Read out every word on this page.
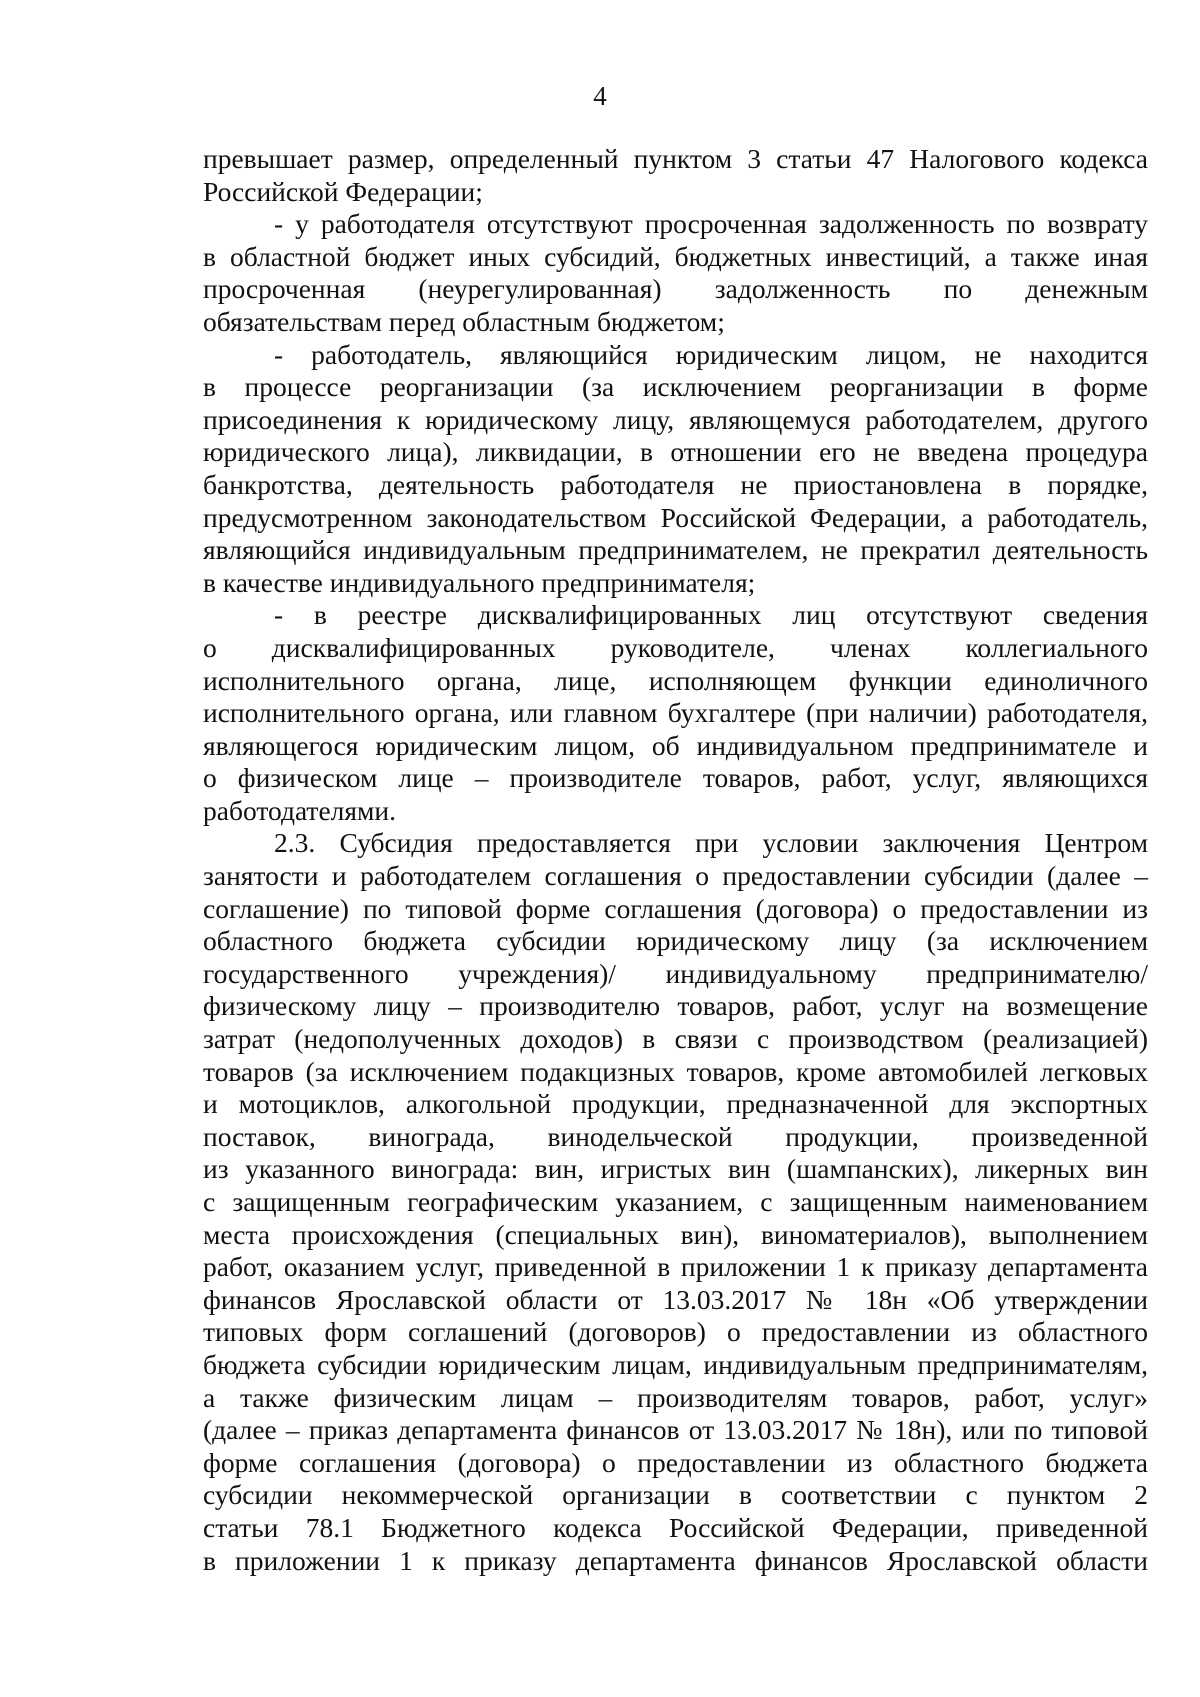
4
превышает размер, определенный пунктом 3 статьи 47 Налогового кодекса
Российской Федерации;
- у работодателя отсутствуют просроченная задолженность по возврату
в областной бюджет иных субсидий, бюджетных инвестиций, а также иная
просроченная (неурегулированная) задолженность по денежным
обязательствам перед областным бюджетом;
- работодатель, являющийся юридическим лицом, не находится
в процессе реорганизации (за исключением реорганизации в форме
присоединения к юридическому лицу, являющемуся работодателем, другого
юридического лица), ликвидации, в отношении его не введена процедура
банкротства, деятельность работодателя не приостановлена в порядке,
предусмотренном законодательством Российской Федерации, а работодатель,
являющийся индивидуальным предпринимателем, не прекратил деятельность
в качестве индивидуального предпринимателя;
- в реестре дисквалифицированных лиц отсутствуют сведения
о дисквалифицированных руководителе, членах коллегиального
исполнительного органа, лице, исполняющем функции единоличного
исполнительного органа, или главном бухгалтере (при наличии) работодателя,
являющегося юридическим лицом, об индивидуальном предпринимателе и
о физическом лице – производителе товаров, работ, услуг, являющихся
работодателями.
2.3. Субсидия предоставляется при условии заключения Центром
занятости и работодателем соглашения о предоставлении субсидии (далее –
соглашение) по типовой форме соглашения (договора) о предоставлении из
областного бюджета субсидии юридическому лицу (за исключением
государственного учреждения)/ индивидуальному предпринимателю/
физическому лицу – производителю товаров, работ, услуг на возмещение
затрат (недополученных доходов) в связи с производством (реализацией)
товаров (за исключением подакцизных товаров, кроме автомобилей легковых
и мотоциклов, алкогольной продукции, предназначенной для экспортных
поставок, винограда, винодельческой продукции, произведенной
из указанного винограда: вин, игристых вин (шампанских), ликерных вин
с защищенным географическим указанием, с защищенным наименованием
места происхождения (специальных вин), виноматериалов), выполнением
работ, оказанием услуг, приведенной в приложении 1 к приказу департамента
финансов Ярославской области от 13.03.2017 № 18н «Об утверждении
типовых форм соглашений (договоров) о предоставлении из областного
бюджета субсидии юридическим лицам, индивидуальным предпринимателям,
а также физическим лицам – производителям товаров, работ, услуг»
(далее – приказ департамента финансов от 13.03.2017 № 18н), или по типовой
форме соглашения (договора) о предоставлении из областного бюджета
субсидии некоммерческой организации в соответствии с пунктом 2
статьи 78.1 Бюджетного кодекса Российской Федерации, приведенной
в приложении 1 к приказу департамента финансов Ярославской области
